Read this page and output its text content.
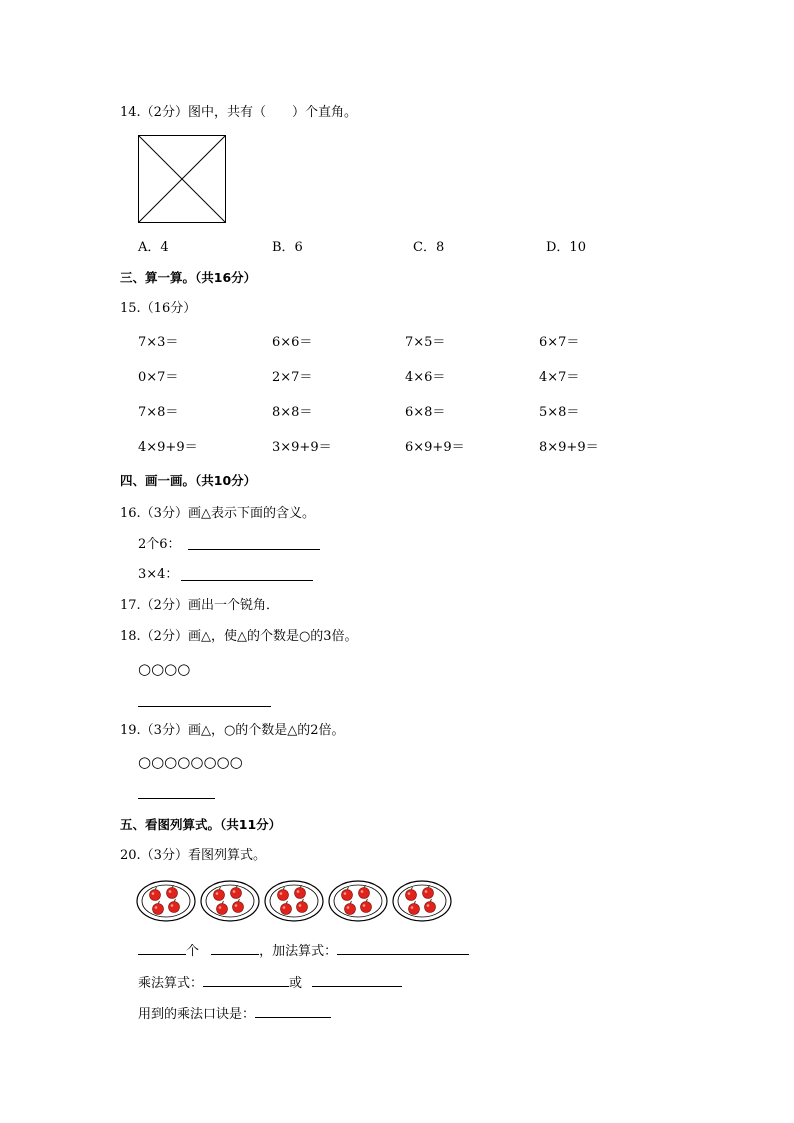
14.（2分）图中，共有（　　）个直角。
A．4	B．6	C．8	D．10
三、算一算。（共16分）
15.（16分）
7×3＝	6×6＝	7×5＝	6×7＝
0×7＝	2×7＝	4×6＝	4×7＝
7×8＝	8×8＝	6×8＝	5×8＝
4×9+9＝	3×9+9＝	6×9+9＝	8×9+9＝
四、画一画。（共10分）
16.（3分）画△表示下面的含义。
2个6：
3×4：
17.（2分）画出一个锐角．
18.（2分）画△，使△的个数是○的3倍。
○○○○
19.（3分）画△，○的个数是△的2倍。
○○○○○○○○
五、看图列算式。（共11分）
20.（3分）看图列算式。
个	，加法算式：
乘法算式：	或
用到的乘法口诀是：
